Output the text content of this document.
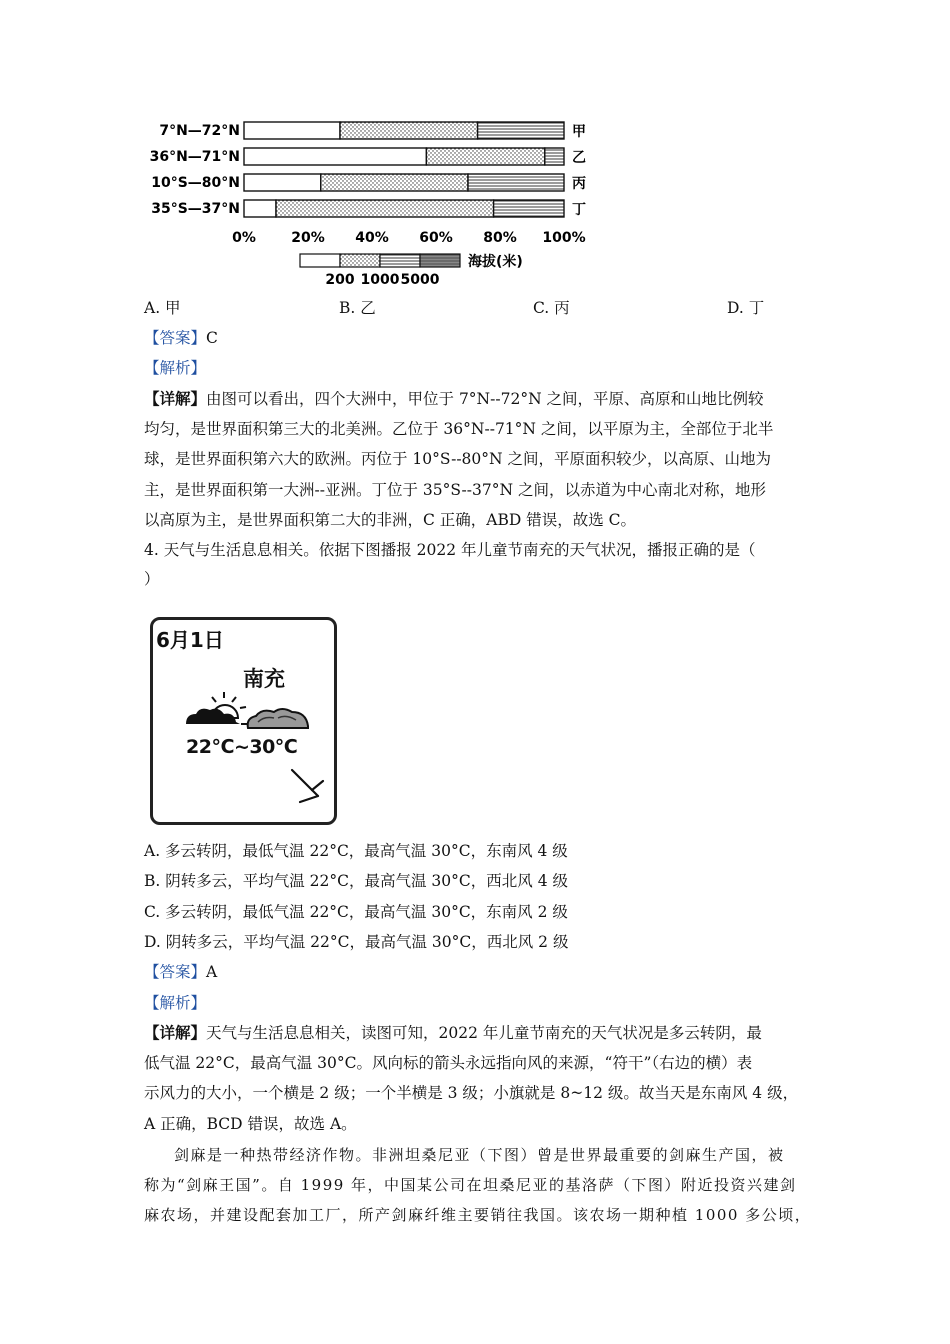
7°N—72°N	甲
36°N—71°N	乙
10°S—80°N	丙
35°S—37°N	丁
0%	20% 40% 60% 80% 100%
海拔(米)
200 1000 5000
A. 甲	B. 乙	C. 丙	D. 丁
【答案】C
【解析】
【详解】由图可以看出，四个大洲中，甲位于 7°N--72°N 之间，平原、高原和山地比例较
均匀，是世界面积第三大的北美洲。乙位于 36°N--71°N 之间，以平原为主，全部位于北半
球，是世界面积第六大的欧洲。丙位于 10°S--80°N 之间，平原面积较少，以高原、山地为
主，是世界面积第一大洲--亚洲。丁位于 35°S--37°N 之间，以赤道为中心南北对称，地形
以高原为主，是世界面积第二大的非洲，C 正确，ABD 错误，故选 C。
4. 天气与生活息息相关。依据下图播报 2022 年儿童节南充的天气状况，播报正确的是（
）
6月1日
南充
22℃~30℃
A. 多云转阴，最低气温 22°C，最高气温 30°C，东南风 4 级
B. 阴转多云，平均气温 22°C，最高气温 30°C，西北风 4 级
C. 多云转阴，最低气温 22°C，最高气温 30°C，东南风 2 级
D. 阴转多云，平均气温 22°C，最高气温 30°C，西北风 2 级
【答案】A
【解析】
【详解】天气与生活息息相关，读图可知，2022 年儿童节南充的天气状况是多云转阴，最
低气温 22°C，最高气温 30°C。风向标的箭头永远指向风的来源，“符干”（右边的横）表
示风力的大小，一个横是 2 级；一个半横是 3 级；小旗就是 8~12 级。故当天是东南风 4 级，
A 正确，BCD 错误，故选 A。
剑麻是一种热带经济作物。非洲坦桑尼亚（下图）曾是世界最重要的剑麻生产国，被
称为“剑麻王国”。自 1999 年，中国某公司在坦桑尼亚的基洛萨（下图）附近投资兴建剑
麻农场，并建设配套加工厂，所产剑麻纤维主要销往我国。该农场一期种植 1000 多公顷，
